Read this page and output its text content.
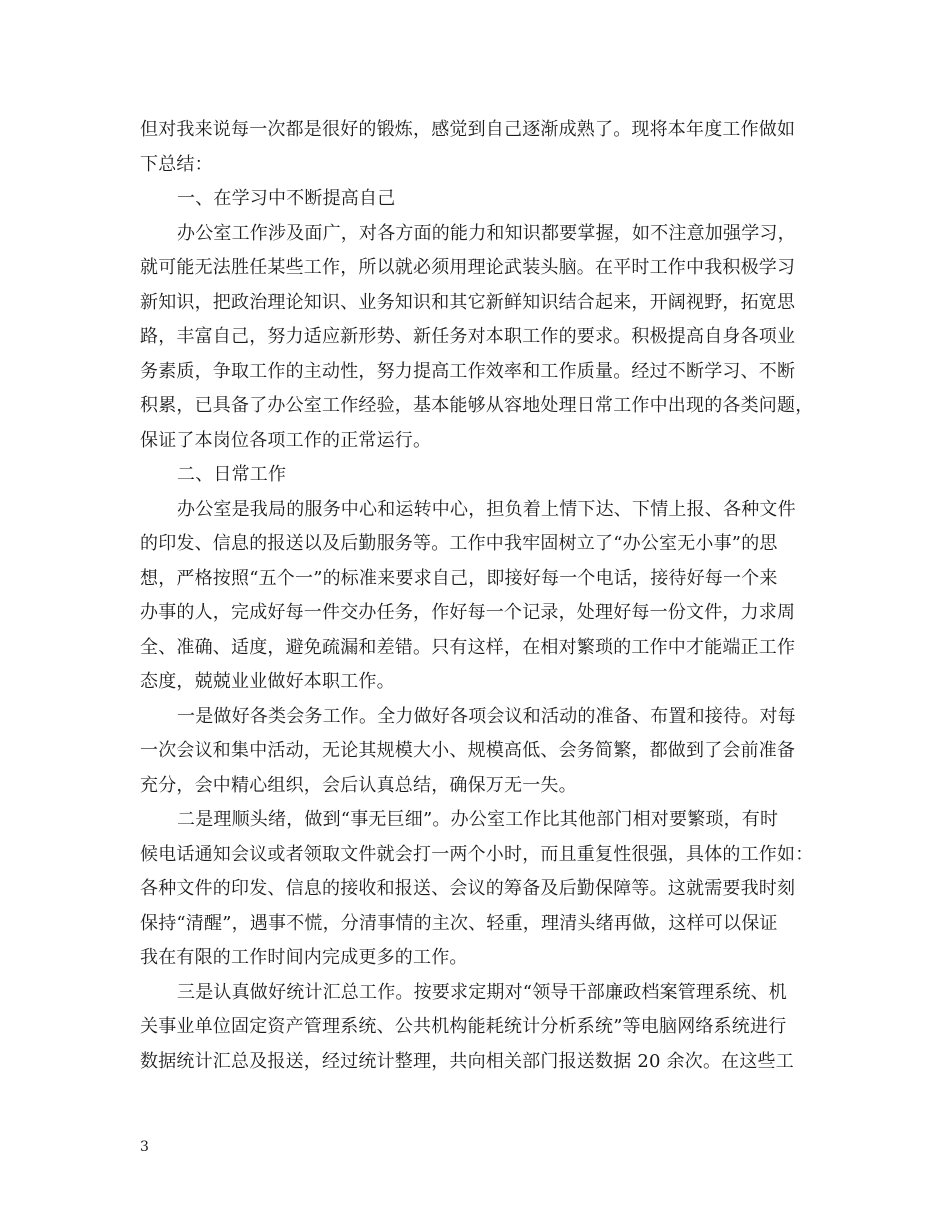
但对我来说每一次都是很好的锻炼，感觉到自己逐渐成熟了。现将本年度工作做如
下总结：
一、在学习中不断提高自己
办公室工作涉及面广，对各方面的能力和知识都要掌握，如不注意加强学习，
就可能无法胜任某些工作，所以就必须用理论武装头脑。在平时工作中我积极学习
新知识，把政治理论知识、业务知识和其它新鲜知识结合起来，开阔视野，拓宽思
路，丰富自己，努力适应新形势、新任务对本职工作的要求。积极提高自身各项业
务素质，争取工作的主动性，努力提高工作效率和工作质量。经过不断学习、不断
积累，已具备了办公室工作经验，基本能够从容地处理日常工作中出现的各类问题，
保证了本岗位各项工作的正常运行。
二、日常工作
办公室是我局的服务中心和运转中心，担负着上情下达、下情上报、各种文件
的印发、信息的报送以及后勤服务等。工作中我牢固树立了“办公室无小事”的思
想，严格按照“五个一”的标准来要求自己，即接好每一个电话，接待好每一个来
办事的人，完成好每一件交办任务，作好每一个记录，处理好每一份文件，力求周
全、准确、适度，避免疏漏和差错。只有这样，在相对繁琐的工作中才能端正工作
态度，兢兢业业做好本职工作。
一是做好各类会务工作。全力做好各项会议和活动的准备、布置和接待。对每
一次会议和集中活动，无论其规模大小、规模高低、会务简繁，都做到了会前准备
充分，会中精心组织，会后认真总结，确保万无一失。
二是理顺头绪，做到“事无巨细”。办公室工作比其他部门相对要繁琐，有时
候电话通知会议或者领取文件就会打一两个小时，而且重复性很强，具体的工作如：
各种文件的印发、信息的接收和报送、会议的筹备及后勤保障等。这就需要我时刻
保持“清醒”，遇事不慌，分清事情的主次、轻重，理清头绪再做，这样可以保证
我在有限的工作时间内完成更多的工作。
三是认真做好统计汇总工作。按要求定期对“领导干部廉政档案管理系统、机
关事业单位固定资产管理系统、公共机构能耗统计分析系统”等电脑网络系统进行
数据统计汇总及报送，经过统计整理，共向相关部门报送数据 20 余次。在这些工
3
